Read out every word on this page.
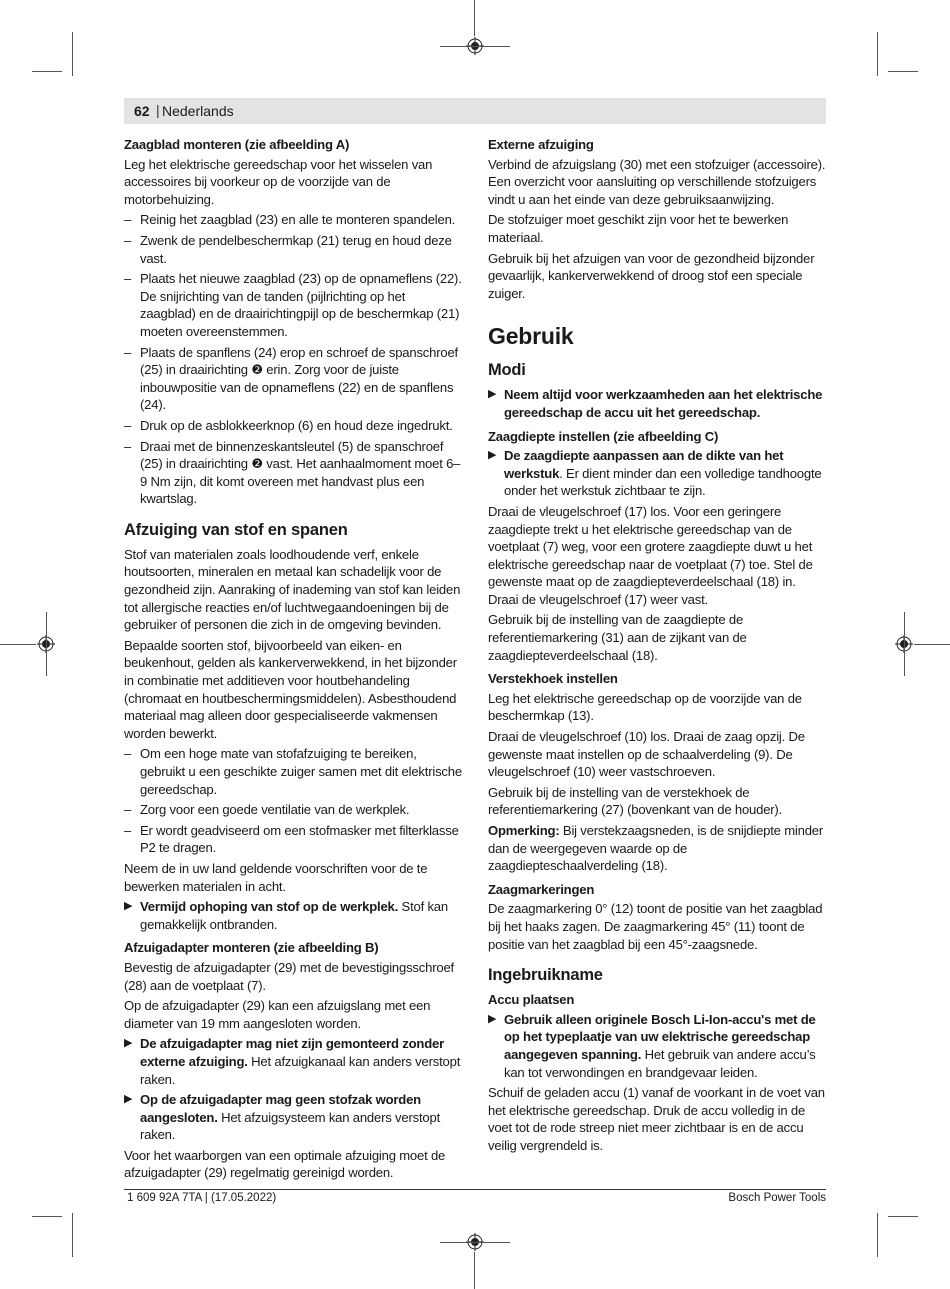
62 | Nederlands
Zaagblad monteren (zie afbeelding A)

Leg het elektrische gereedschap voor het wisselen van accessoires bij voorkeur op de voorzijde van de motorbehuizing.

– Reinig het zaagblad (23) en alle te monteren spandelen.
– Zwenk de pendelbeschermkap (21) terug en houd deze vast.
– Plaats het nieuwe zaagblad (23) op de opnameflens (22). De snijrichting van de tanden (pijlrichting op het zaagblad) en de draairichtingpijl op de beschermkap (21) moeten overeenstemmen.
– Plaats de spanflens (24) erop en schroef de spanschroef (25) in draairichting ❷ erin. Zorg voor de juiste inbouwpositie van de opnameflens (22) en de spanflens (24).
– Druk op de asblokkeerknop (6) en houd deze ingedrukt.
– Draai met de binnenzeskantsleutel (5) de spanschroef (25) in draairichting ❷ vast. Het aanhaalmoment moet 6–9 Nm zijn, dit komt overeen met handvast plus een kwartslag.
Afzuiging van stof en spanen

Stof van materialen zoals loodhoudende verf, enkele houtsoorten, mineralen en metaal kan schadelijk voor de gezondheid zijn. Aanraking of inademing van stof kan leiden tot allergische reacties en/of luchtwegaandoeningen bij de gebruiker of personen die zich in de omgeving bevinden.

Bepaalde soorten stof, bijvoorbeeld van eiken- en beukenhout, gelden als kankerverwekkend, in het bijzonder in combinatie met additieven voor houtbehandeling (chromaat en houtbeschermingsmiddelen). Asbesthoudend materiaal mag alleen door gespecialiseerde vakmensen worden bewerkt.

– Om een hoge mate van stofafzuiging te bereiken, gebruikt u een geschikte zuiger samen met dit elektrische gereedschap.
– Zorg voor een goede ventilatie van de werkplek.
– Er wordt geadviseerd om een stofmasker met filterklasse P2 te dragen.

Neem de in uw land geldende voorschriften voor de te bewerken materialen in acht.

▶ Vermijd ophoping van stof op de werkplek. Stof kan gemakkelijk ontbranden.
Afzuigadapter monteren (zie afbeelding B)

Bevestig de afzuigadapter (29) met de bevestigingsschroef (28) aan de voetplaat (7).

Op de afzuigadapter (29) kan een afzuigslang met een diameter van 19 mm aangesloten worden.

▶ De afzuigadapter mag niet zijn gemonteerd zonder externe afzuiging. Het afzuigkanaal kan anders verstopt raken.
▶ Op de afzuigadapter mag geen stofzak worden aangesloten. Het afzuigsysteem kan anders verstopt raken.

Voor het waarborgen van een optimale afzuiging moet de afzuigadapter (29) regelmatig gereinigd worden.

Externe afzuiging

Verbind de afzuigslang (30) met een stofzuiger (accessoire). Een overzicht voor aansluiting op verschillende stofzuigers vindt u aan het einde van deze gebruiksaanwijzing.

De stofzuiger moet geschikt zijn voor het te bewerken materiaal.

Gebruik bij het afzuigen van voor de gezondheid bijzonder gevaarlijk, kankerverwekkend of droog stof een speciale zuiger.

Gebruik
Modi
▶ Neem altijd voor werkzaamheden aan het elektrische gereedschap de accu uit het gereedschap.
Zaagdiepte instellen (zie afbeelding C)
▶ De zaagdiepte aanpassen aan de dikte van het werkstuk. Er dient minder dan een volledige tandhoogte onder het werkstuk zichtbaar te zijn.

Draai de vleugelschroef (17) los. Voor een geringere zaagdiepte trekt u het elektrische gereedschap van de voetplaat (7) weg, voor een grotere zaagdiepte duwt u het elektrische gereedschap naar de voetplaat (7) toe. Stel de gewenste maat op de zaagdiepteverdeelschaal (18) in. Draai de vleugelschroef (17) weer vast.

Gebruik bij de instelling van de zaagdiepte de referentiemarkering (31) aan de zijkant van de zaagdiepteverdeelschaal (18).

Verstekhoek instellen

Leg het elektrische gereedschap op de voorzijde van de beschermkap (13).

Draai de vleugelschroef (10) los. Draai de zaag opzij. De gewenste maat instellen op de schaalverdeling (9). De vleugelschroef (10) weer vastschroeven.

Gebruik bij de instelling van de verstekhoek de referentiemarkering (27) (bovenkant van de houder).

Opmerking: Bij verstekzaagsneden, is de snijdiepte minder dan de weergegeven waarde op de zaagdiepteschaalverdeling (18).

Zaagmarkeringen

De zaagmarkering 0° (12) toont de positie van het zaagblad bij het haaks zagen. De zaagmarkering 45° (11) toont de positie van het zaagblad bij een 45°-zaagsnede.

Ingebruikname
Accu plaatsen
▶ Gebruik alleen originele Bosch Li-Ion-accu's met de op het typeplaatje van uw elektrische gereedschap aangegeven spanning. Het gebruik van andere accu’s kan tot verwondingen en brandgevaar leiden.

Schuif de geladen accu (1) vanaf de voorkant in de voet van het elektrische gereedschap. Druk de accu volledig in de voet tot de rode streep niet meer zichtbaar is en de accu veilig vergrendeld is.

1 609 92A 7TA | (17.05.2022)	Bosch Power Tools
